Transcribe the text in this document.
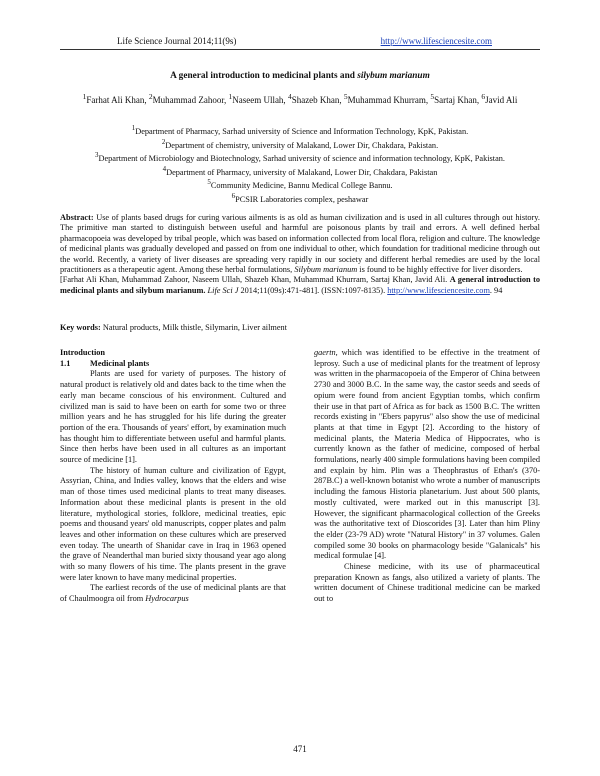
Life Science Journal 2014;11(9s)	http://www.lifesciencesite.com
A general introduction to medicinal plants and silybum marianum
$^1$Farhat Ali Khan, $^2$Muhammad Zahoor, $^1$Naseem Ullah, $^4$Shazeb Khan, $^5$Muhammad Khurram, $^5$Sartaj Khan, $^6$Javid Ali
$^1$Department of Pharmacy, Sarhad university of Science and Information Technology, KpK, Pakistan.
$^2$Department of chemistry, university of Malakand, Lower Dir, Chakdara, Pakistan.
$^3$Department of Microbiology and Biotechnology, Sarhad university of science and information technology, KpK, Pakistan.
$^4$Department of Pharmacy, university of Malakand, Lower Dir, Chakdara, Pakistan
$^5$Community Medicine, Bannu Medical College Bannu.
$^6$PCSIR Laboratories complex, peshawar
Abstract: Use of plants based drugs for curing various ailments is as old as human civilization and is used in all cultures through out history. The primitive man started to distinguish between useful and harmful are poisonous plants by trail and errors. A well defined herbal pharmacopoeia was developed by tribal people, which was based on information collected from local flora, religion and culture. The knowledge of medicinal plants was gradually developed and passed on from one individual to other, which foundation for traditional medicine through out the world. Recently, a variety of liver diseases are spreading very rapidly in our society and different herbal remedies are used by the local practitioners as a therapeutic agent. Among these herbal formulations, Silybum marianum is found to be highly effective for liver disorders.
[Farhat Ali Khan, Muhammad Zahoor, Naseem Ullah, Shazeb Khan, Muhammad Khurram, Sartaj Khan, Javid Ali. A general introduction to medicinal plants and silybum marianum. Life Sci J 2014;11(09s):471-481]. (ISSN:1097-8135). http://www.lifesciencesite.com. 94
Key words: Natural products, Milk thistle, Silymarin, Liver ailment

Introduction

1.1 Medicinal plants

Plants are used for variety of purposes. The history of natural product is relatively old and dates back to the time when the early man became conscious of his environment. Cultured and civilized man is said to have been on earth for some two or three million years and he has struggled for his life during the greater portion of the era. Thousands of years' effort, by examination much has thought him to differentiate between useful and harmful plants. Since then herbs have been used in all cultures as an important source of medicine [1].

The history of human culture and civilization of Egypt, Assyrian, China, and Indies valley, knows that the elders and wise man of those times used medicinal plants to treat many diseases. Information about these medicinal plants is present in the old literature, mythological stories, folklore, medicinal treaties, epic poems and thousand years' old manuscripts, copper plates and palm leaves and other information on these cultures which are preserved even today. The unearth of Shanidar cave in Iraq in 1963 opened the grave of Neanderthal man buried sixty thousand year ago along with so many flowers of his time. The plants present in the grave were later known to have many medicinal properties.

The earliest records of the use of medicinal plants are that of Chaulmoogra oil from Hydrocarpus

gaertn, which was identified to be effective in the treatment of leprosy. Such a use of medicinal plants for the treatment of leprosy was written in the pharmacopoeia of the Emperor of China between 2730 and 3000 B.C. In the same way, the castor seeds and seeds of opium were found from ancient Egyptian tombs, which confirm their use in that part of Africa as for back as 1500 B.C. The written records existing in "Ebers papyrus" also show the use of medicinal plants at that time in Egypt [2]. According to the history of medicinal plants, the Materia Medica of Hippocrates, who is currently known as the father of medicine, composed of herbal formulations, nearly 400 simple formulations having been compiled and explain by him. Plin was a Theophrastus of Ethan's (370-287B.C) a well-known botanist who wrote a number of manuscripts including the famous Historia planetarium. Just about 500 plants, mostly cultivated, were marked out in this manuscript [3]. However, the significant pharmacological collection of the Greeks was the authoritative text of Dioscorides [3]. Later than him Pliny the elder (23-79 AD) wrote "Natural History" in 37 volumes. Galen compiled some 30 books on pharmacology beside "Galanicals" his medical formulae [4].

Chinese medicine, with its use of pharmaceutical preparation Known as fangs, also utilized a variety of plants. The written document of Chinese traditional medicine can be marked out to

471
